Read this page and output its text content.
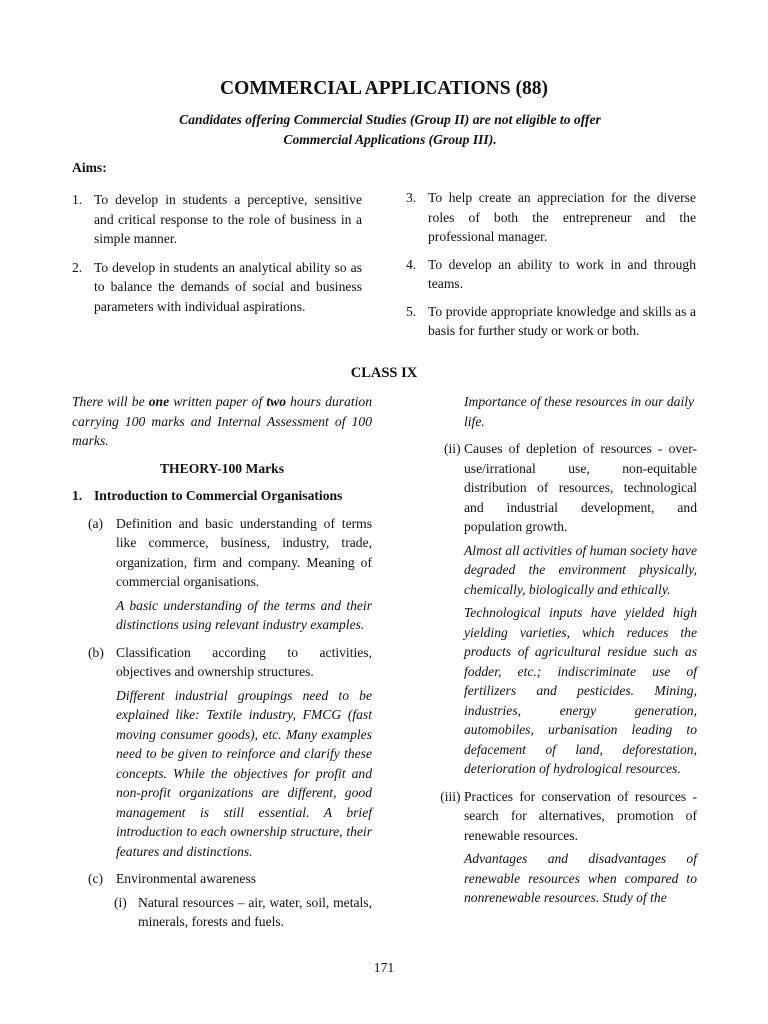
COMMERCIAL APPLICATIONS (88)
Candidates offering Commercial Studies (Group II) are not eligible to offer
Commercial Applications (Group III).
Aims:
1. To develop in students a perceptive, sensitive and critical response to the role of business in a simple manner.
2. To develop in students an analytical ability so as to balance the demands of social and business parameters with individual aspirations.
3. To help create an appreciation for the diverse roles of both the entrepreneur and the professional manager.
4. To develop an ability to work in and through teams.
5. To provide appropriate knowledge and skills as a basis for further study or work or both.
CLASS IX

There will be one written paper of two hours duration carrying 100 marks and Internal Assessment of 100 marks.

THEORY-100 Marks
1. Introduction to Commercial Organisations
(a) Definition and basic understanding of terms like commerce, business, industry, trade, organization, firm and company. Meaning of commercial organisations.
A basic understanding of the terms and their distinctions using relevant industry examples.
(b) Classification according to activities, objectives and ownership structures.
Different industrial groupings need to be explained like: Textile industry, FMCG (fast moving consumer goods), etc. Many examples need to be given to reinforce and clarify these concepts. While the objectives for profit and non-profit organizations are different, good management is still essential. A brief introduction to each ownership structure, their features and distinctions.
(c) Environmental awareness
(i) Natural resources – air, water, soil, metals, minerals, forests and fuels.
Importance of these resources in our daily life.
(ii) Causes of depletion of resources - over-use/irrational use, non-equitable distribution of resources, technological and industrial development, and population growth.
Almost all activities of human society have degraded the environment physically, chemically, biologically and ethically.
Technological inputs have yielded high yielding varieties, which reduces the products of agricultural residue such as fodder, etc.; indiscriminate use of fertilizers and pesticides. Mining, industries, energy generation, automobiles, urbanisation leading to defacement of land, deforestation, deterioration of hydrological resources.
(iii) Practices for conservation of resources - search for alternatives, promotion of renewable resources.
Advantages and disadvantages of renewable resources when compared to nonrenewable resources. Study of the
171
